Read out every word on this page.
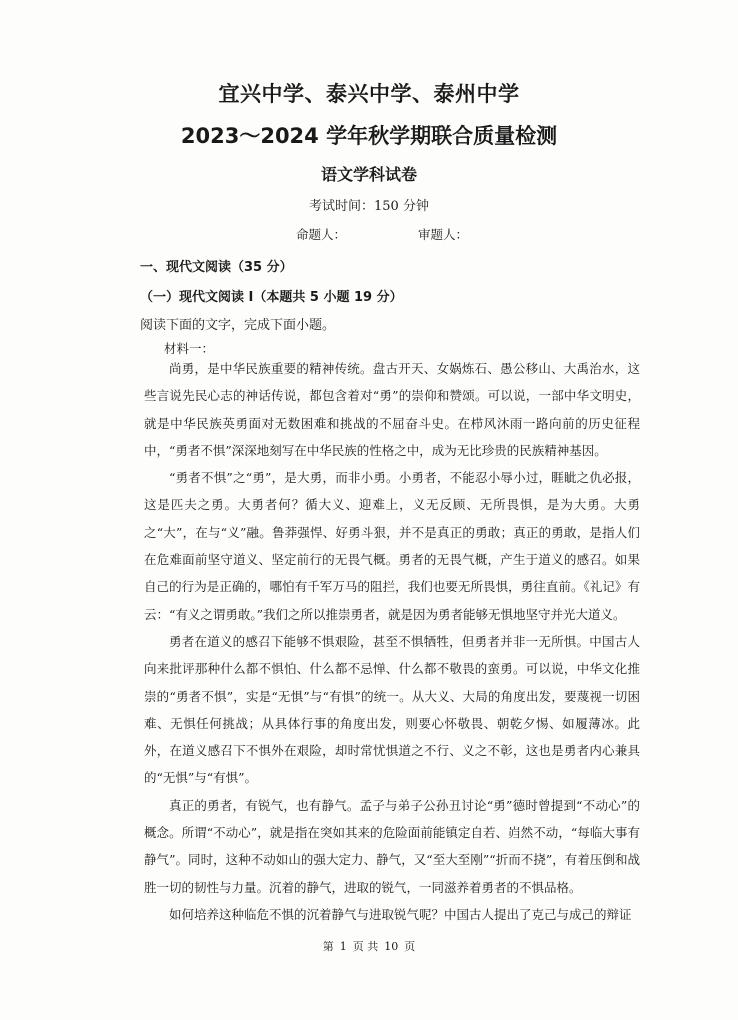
宜兴中学、泰兴中学、泰州中学
2023～2024 学年秋学期联合质量检测
语文学科试卷
考试时间：150 分钟
命题人：	审题人：
一、现代文阅读（35 分）
（一）现代文阅读 Ⅰ（本题共 5 小题 19 分）
阅读下面的文字，完成下面小题。
材料一：

尚勇，是中华民族重要的精神传统。盘古开天、女娲炼石、愚公移山、大禹治水，这些言说先民心志的神话传说，都包含着对“勇”的崇仰和赞颂。可以说，一部中华文明史，就是中华民族英勇面对无数困难和挑战的不屈奋斗史。在栉风沐雨一路向前的历史征程中，“勇者不惧”深深地刻写在中华民族的性格之中，成为无比珍贵的民族精神基因。

“勇者不惧”之“勇”，是大勇，而非小勇。小勇者，不能忍小辱小过，睚眦之仇必报，这是匹夫之勇。大勇者何？循大义、迎难上，义无反顾、无所畏惧，是为大勇。大勇之“大”，在与“义”融。鲁莽强悍、好勇斗狠，并不是真正的勇敢；真正的勇敢，是指人们在危难面前坚守道义、坚定前行的无畏气概。勇者的无畏气概，产生于道义的感召。如果自己的行为是正确的，哪怕有千军万马的阻拦，我们也要无所畏惧，勇往直前。《礼记》有云：“有义之谓勇敢。”我们之所以推崇勇者，就是因为勇者能够无惧地坚守并光大道义。

勇者在道义的感召下能够不惧艰险，甚至不惧牺牲，但勇者并非一无所惧。中国古人向来批评那种什么都不惧怕、什么都不忌惮、什么都不敬畏的蛮勇。可以说，中华文化推崇的“勇者不惧”，实是“无惧”与“有惧”的统一。从大义、大局的角度出发，要蔑视一切困难、无惧任何挑战；从具体行事的角度出发，则要心怀敬畏、朝乾夕惕、如履薄冰。此外，在道义感召下不惧外在艰险，却时常忧惧道之不行、义之不彰，这也是勇者内心兼具的“无惧”与“有惧”。

真正的勇者，有锐气，也有静气。孟子与弟子公孙丑讨论“勇”德时曾提到“不动心”的概念。所谓“不动心”，就是指在突如其来的危险面前能镇定自若、岿然不动，“每临大事有静气”。同时，这种不动如山的强大定力、静气，又“至大至刚”“折而不挠”，有着压倒和战胜一切的韧性与力量。沉着的静气，进取的锐气，一同滋养着勇者的不惧品格。

如何培养这种临危不惧的沉着静气与进取锐气呢？中国古人提出了克己与成己的辩证

第 1 页 共 10 页
